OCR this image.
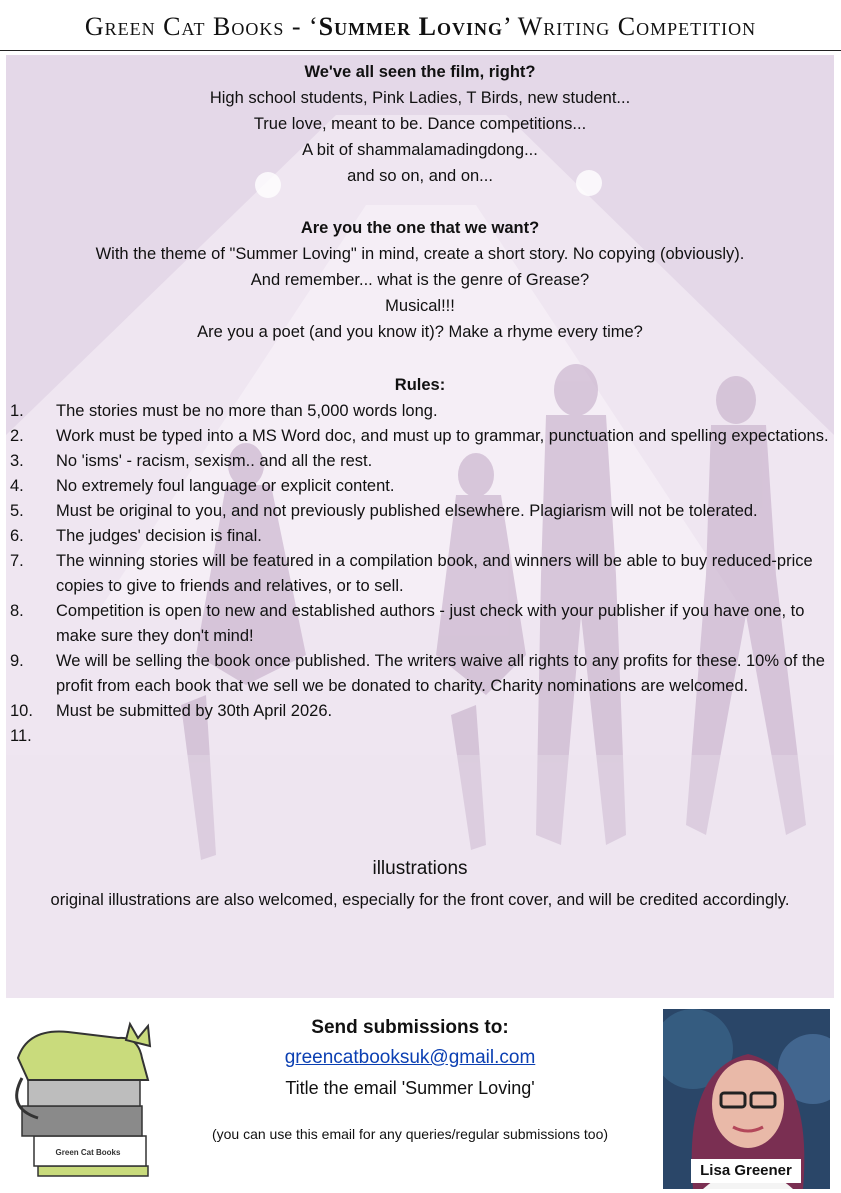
Green Cat Books - ‘Summer Loving’ Writing Competition
We've all seen the film, right?
High school students, Pink Ladies, T Birds, new student...
True love, meant to be. Dance competitions...
A bit of shammalamadingdong...
and so on, and on...
Are you the one that we want?
With the theme of "Summer Loving" in mind, create a short story. No copying (obviously).
And remember... what is the genre of Grease?
Musical!!!
Are you a poet (and you know it)? Make a rhyme every time?
Rules:
1. The stories must be no more than 5,000 words long.
2. Work must be typed into a MS Word doc, and must up to grammar, punctuation and spelling expectations.
3. No 'isms' - racism, sexism.. and all the rest.
4. No extremely foul language or explicit content.
5. Must be original to you, and not previously published elsewhere. Plagiarism will not be tolerated.
6. The judges' decision is final.
7. The winning stories will be featured in a compilation book, and winners will be able to buy reduced-price copies to give to friends and relatives, or to sell.
8. Competition is open to new and established authors - just check with your publisher if you have one, to make sure they don't mind!
9. We will be selling the book once published. The writers waive all rights to any profits for these. 10% of the profit from each book that we sell we be donated to charity. Charity nominations are welcomed.
10. Must be submitted by 30th April 2026.
11.

illustrations
original illustrations are also welcomed, especially for the front cover, and will be credited accordingly.
Green Cat Books
Send submissions to:
greencatbooksuk@gmail.com
Title the email 'Summer Loving'
(you can use this email for any queries/regular submissions too)
Lisa Greener
